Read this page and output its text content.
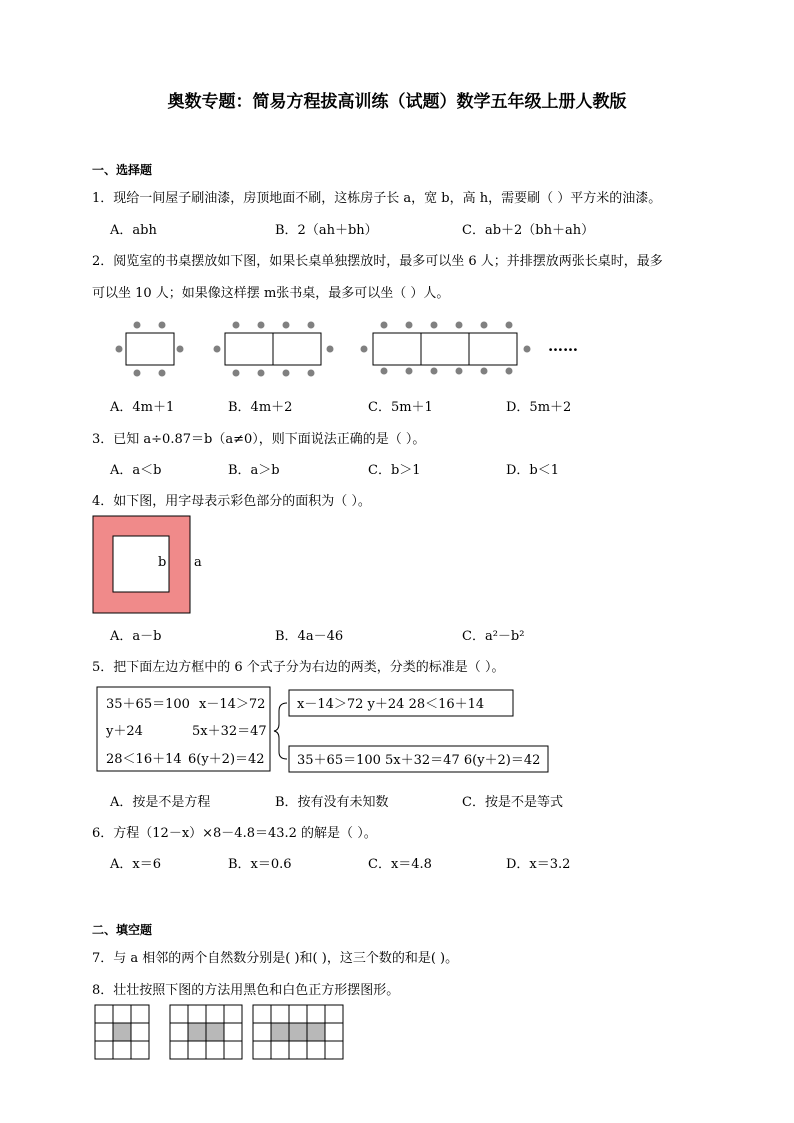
奥数专题：简易方程拔高训练（试题）数学五年级上册人教版
一、选择题
1．现给一间屋子刷油漆，房顶地面不刷，这栋房子长 a，宽 b，高 h，需要刷（ ）平方米的油漆。
A．abh	B．2（ah＋bh）	C．ab＋2（bh＋ah）
2．阅览室的书桌摆放如下图，如果长桌单独摆放时，最多可以坐 6 人；并排摆放两张长桌时，最多
可以坐 10 人；如果像这样摆 m张书桌，最多可以坐（ ）人。
……
A．4m＋1	B．4m＋2	C．5m＋1	D．5m＋2
3．已知 a÷0.87＝b（a≠0），则下面说法正确的是（ ）。
A．a＜b	B．a＞b	C．b＞1	D．b＜1
4．如下图，用字母表示彩色部分的面积为（ ）。
b a
A．a－b	B．4a－46	C．a²－b²
5．把下面左边方框中的 6 个式子分为右边的两类，分类的标准是（ ）。
35＋65＝100 x－14＞72
y＋24	5x＋32＝47
28＜16＋14 6(y＋2)＝42
x－14＞72 y＋24 28＜16＋14
35＋65＝100 5x＋32＝47 6(y＋2)＝42
A．按是不是方程	B．按有没有未知数	C．按是不是等式
6．方程（12－x）×8－4.8＝43.2 的解是（ ）。
A．x＝6	B．x＝0.6	C．x＝4.8	D．x＝3.2
二、填空题
7．与 a 相邻的两个自然数分别是( )和( )，这三个数的和是( )。
8．壮壮按照下图的方法用黑色和白色正方形摆图形。
